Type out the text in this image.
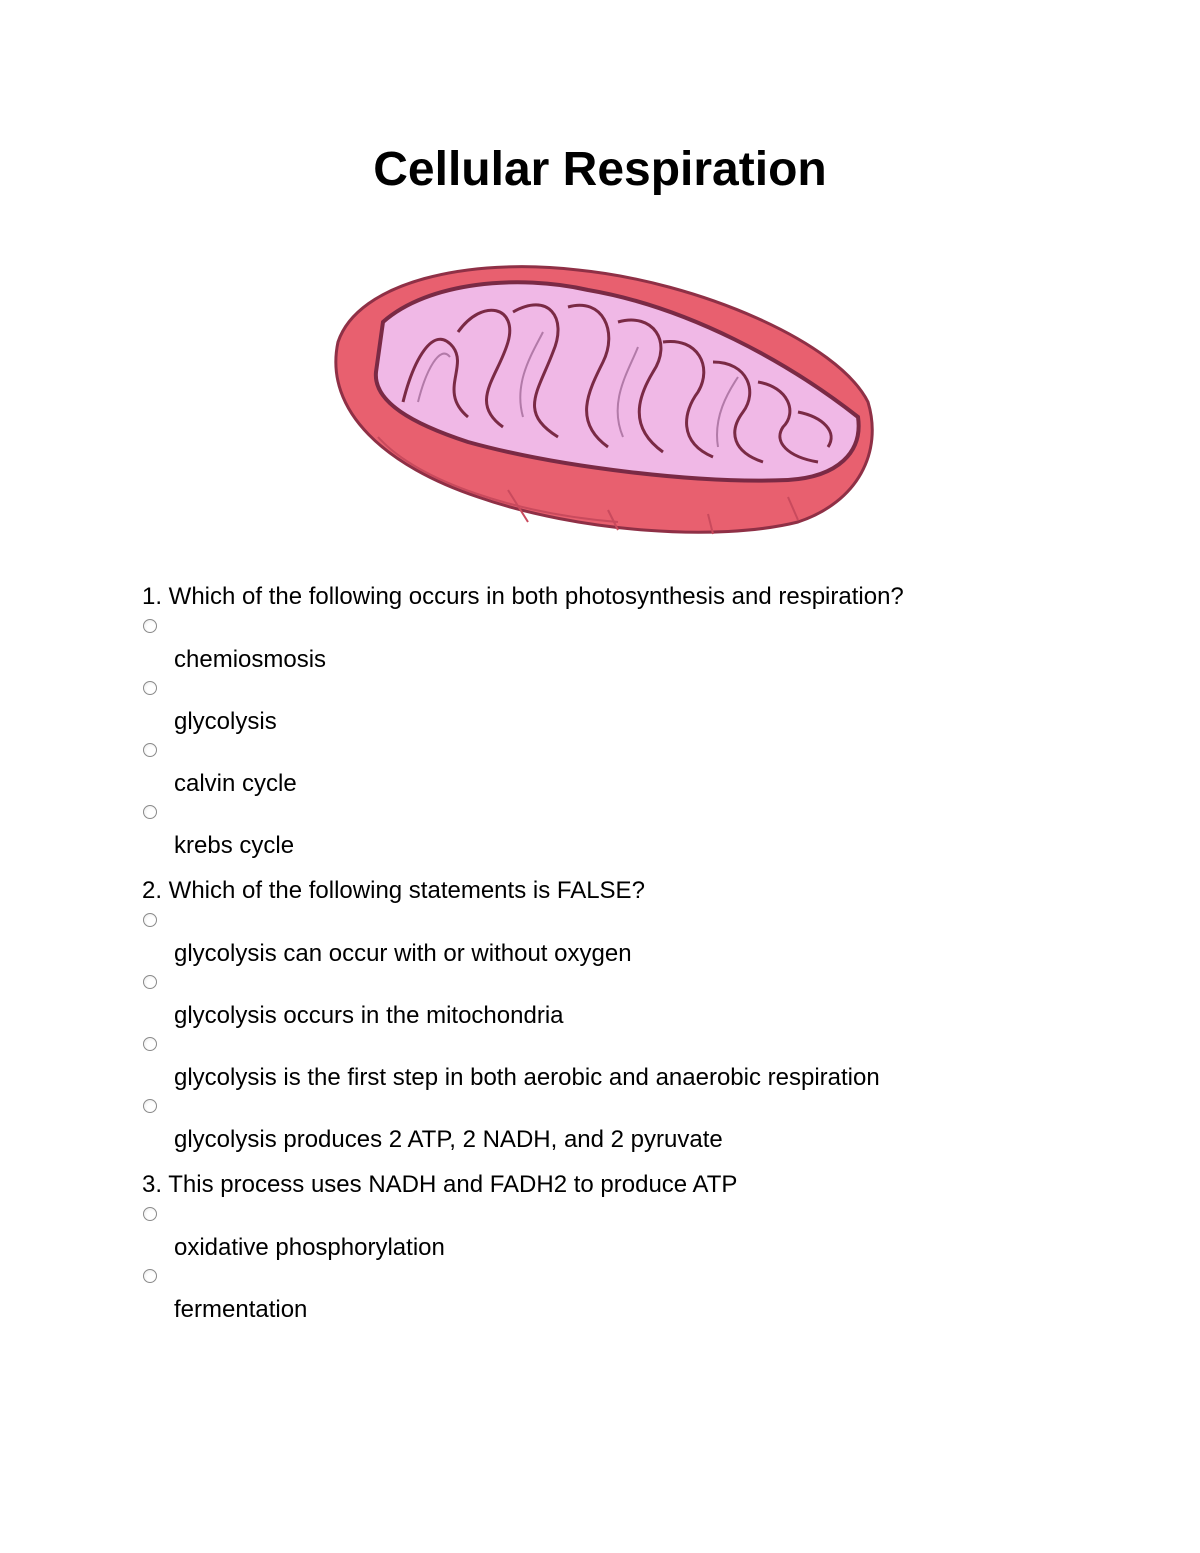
Cellular Respiration

1. Which of the following occurs in both photosynthesis and respiration?

chemiosmosis
glycolysis
calvin cycle
krebs cycle

2. Which of the following statements is FALSE?

glycolysis can occur with or without oxygen
glycolysis occurs in the mitochondria
glycolysis is the first step in both aerobic and anaerobic respiration
glycolysis produces 2 ATP, 2 NADH, and 2 pyruvate

3. This process uses NADH and FADH2 to produce ATP

oxidative phosphorylation
fermentation
